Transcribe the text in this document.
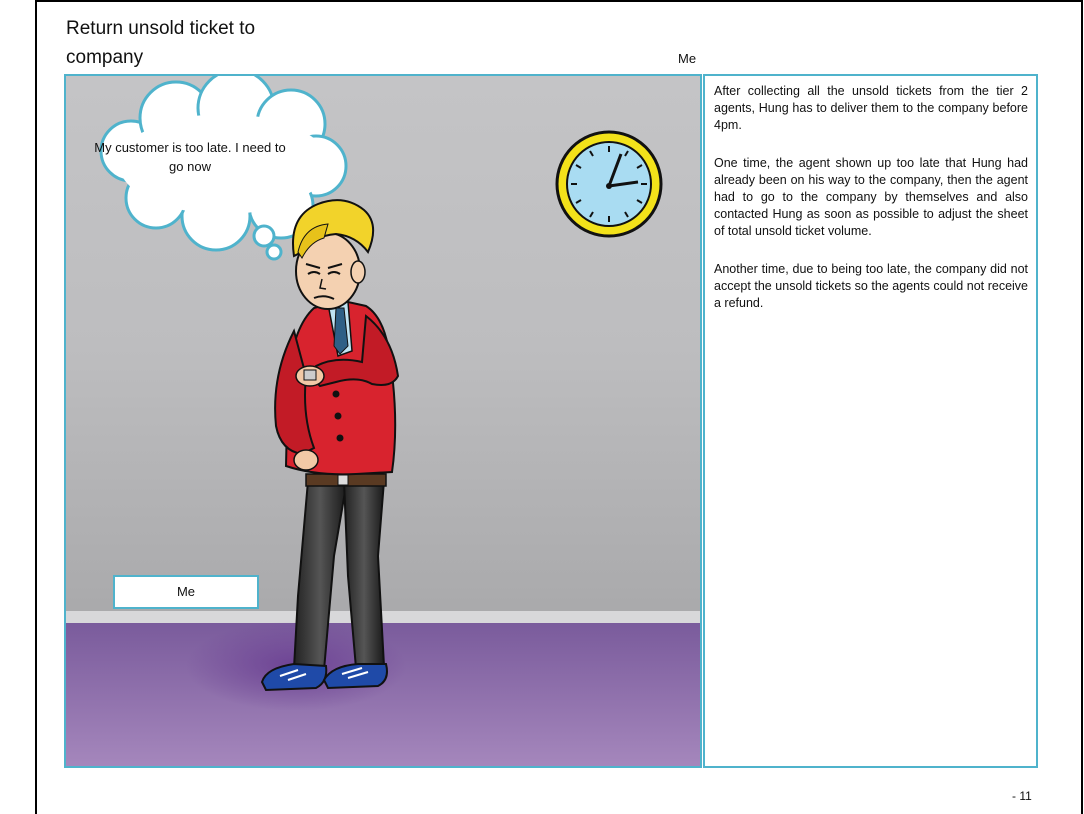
Return unsold ticket to company	Me
My customer is too late. I need to go now
Me

After collecting all the unsold tickets from the tier 2 agents, Hung has to deliver them to the company before 4pm.

One time, the agent shown up too late that Hung had already been on his way to the company, then the agent had to go to the company by themselves and also contacted Hung as soon as possible to adjust the sheet of total unsold ticket volume.

Another time, due to being too late, the company did not accept the unsold tickets so the agents could not receive a refund.

- 11
